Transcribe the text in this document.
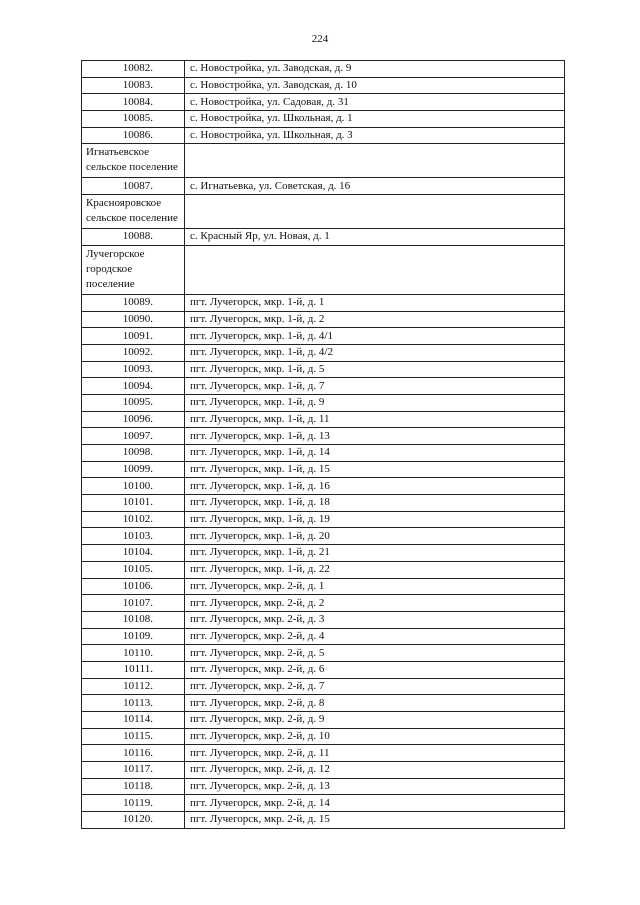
224
10082.	с. Новостройка, ул. Заводская, д. 9
10083.	с. Новостройка, ул. Заводская, д. 10
10084.	с. Новостройка, ул. Садовая, д. 31
10085.	с. Новостройка, ул. Школьная, д. 1
10086.	с. Новостройка, ул. Школьная, д. 3
Игнатьевское сельское поселение	
10087.	с. Игнатьевка, ул. Советская, д. 16
Краснояровское сельское поселение	
10088.	с. Красный Яр, ул. Новая, д. 1
Лучегорское городское поселение	
10089.	пгт. Лучегорск, мкр. 1-й, д. 1
10090.	пгт. Лучегорск, мкр. 1-й, д. 2
10091.	пгт. Лучегорск, мкр. 1-й, д. 4/1
10092.	пгт. Лучегорск, мкр. 1-й, д. 4/2
10093.	пгт. Лучегорск, мкр. 1-й, д. 5
10094.	пгт. Лучегорск, мкр. 1-й, д. 7
10095.	пгт. Лучегорск, мкр. 1-й, д. 9
10096.	пгт. Лучегорск, мкр. 1-й, д. 11
10097.	пгт. Лучегорск, мкр. 1-й, д. 13
10098.	пгт. Лучегорск, мкр. 1-й, д. 14
10099.	пгт. Лучегорск, мкр. 1-й, д. 15
10100.	пгт. Лучегорск, мкр. 1-й, д. 16
10101.	пгт. Лучегорск, мкр. 1-й, д. 18
10102.	пгт. Лучегорск, мкр. 1-й, д. 19
10103.	пгт. Лучегорск, мкр. 1-й, д. 20
10104.	пгт. Лучегорск, мкр. 1-й, д. 21
10105.	пгт. Лучегорск, мкр. 1-й, д. 22
10106.	пгт. Лучегорск, мкр. 2-й, д. 1
10107.	пгт. Лучегорск, мкр. 2-й, д. 2
10108.	пгт. Лучегорск, мкр. 2-й, д. 3
10109.	пгт. Лучегорск, мкр. 2-й, д. 4
10110.	пгт. Лучегорск, мкр. 2-й, д. 5
10111.	пгт. Лучегорск, мкр. 2-й, д. 6
10112.	пгт. Лучегорск, мкр. 2-й, д. 7
10113.	пгт. Лучегорск, мкр. 2-й, д. 8
10114.	пгт. Лучегорск, мкр. 2-й, д. 9
10115.	пгт. Лучегорск, мкр. 2-й, д. 10
10116.	пгт. Лучегорск, мкр. 2-й, д. 11
10117.	пгт. Лучегорск, мкр. 2-й, д. 12
10118.	пгт. Лучегорск, мкр. 2-й, д. 13
10119.	пгт. Лучегорск, мкр. 2-й, д. 14
10120.	пгт. Лучегорск, мкр. 2-й, д. 15
